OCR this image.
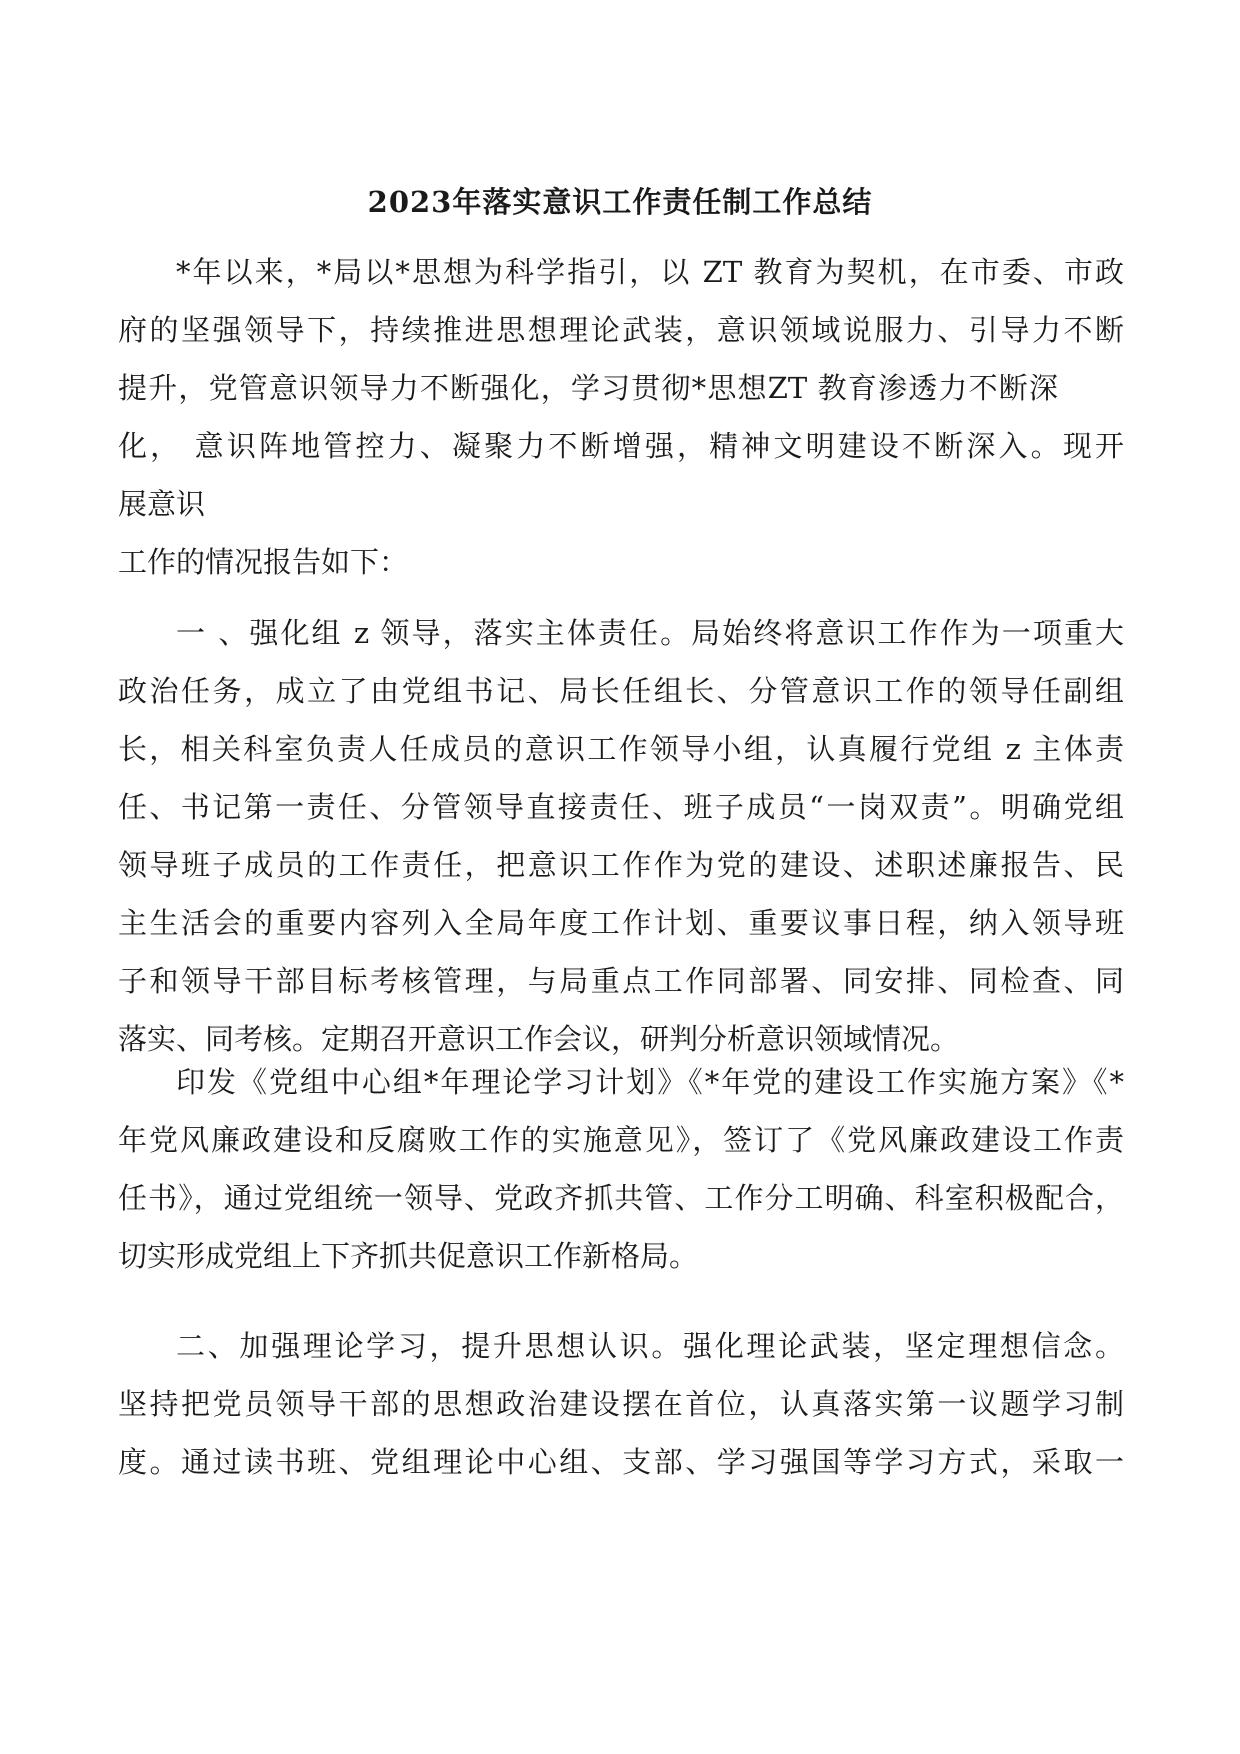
2023年落实意识工作责任制工作总结
*年以来，*局以*思想为科学指引，以 ZT 教育为契机，在市委、市政
府的坚强领导下，持续推进思想理论武装，意识领域说服力、引导力不断
提升，党管意识领导力不断强化，学习贯彻*思想ZT 教育渗透力不断深
化， 意识阵地管控力、凝聚力不断增强，精神文明建设不断深入。现开
展意识
工作的情况报告如下：
一 、强化组 z 领导，落实主体责任。局始终将意识工作作为一项重大
政治任务，成立了由党组书记、局长任组长、分管意识工作的领导任副组
长，相关科室负责人任成员的意识工作领导小组，认真履行党组 z 主体责
任、书记第一责任、分管领导直接责任、班子成员“一岗双责”。明确党组
领导班子成员的工作责任，把意识工作作为党的建设、述职述廉报告、民
主生活会的重要内容列入全局年度工作计划、重要议事日程，纳入领导班
子和领导干部目标考核管理，与局重点工作同部署、同安排、同检查、同
落实、同考核。定期召开意识工作会议，研判分析意识领域情况。
印发《党组中心组*年理论学习计划》《*年党的建设工作实施方案》《*
年党风廉政建设和反腐败工作的实施意见》，签订了《党风廉政建设工作责
任书》，通过党组统一领导、党政齐抓共管、工作分工明确、科室积极配合，
切实形成党组上下齐抓共促意识工作新格局。
二、加强理论学习，提升思想认识。强化理论武装，坚定理想信念。
坚持把党员领导干部的思想政治建设摆在首位，认真落实第一议题学习制
度。通过读书班、党组理论中心组、支部、学习强国等学习方式，采取一
